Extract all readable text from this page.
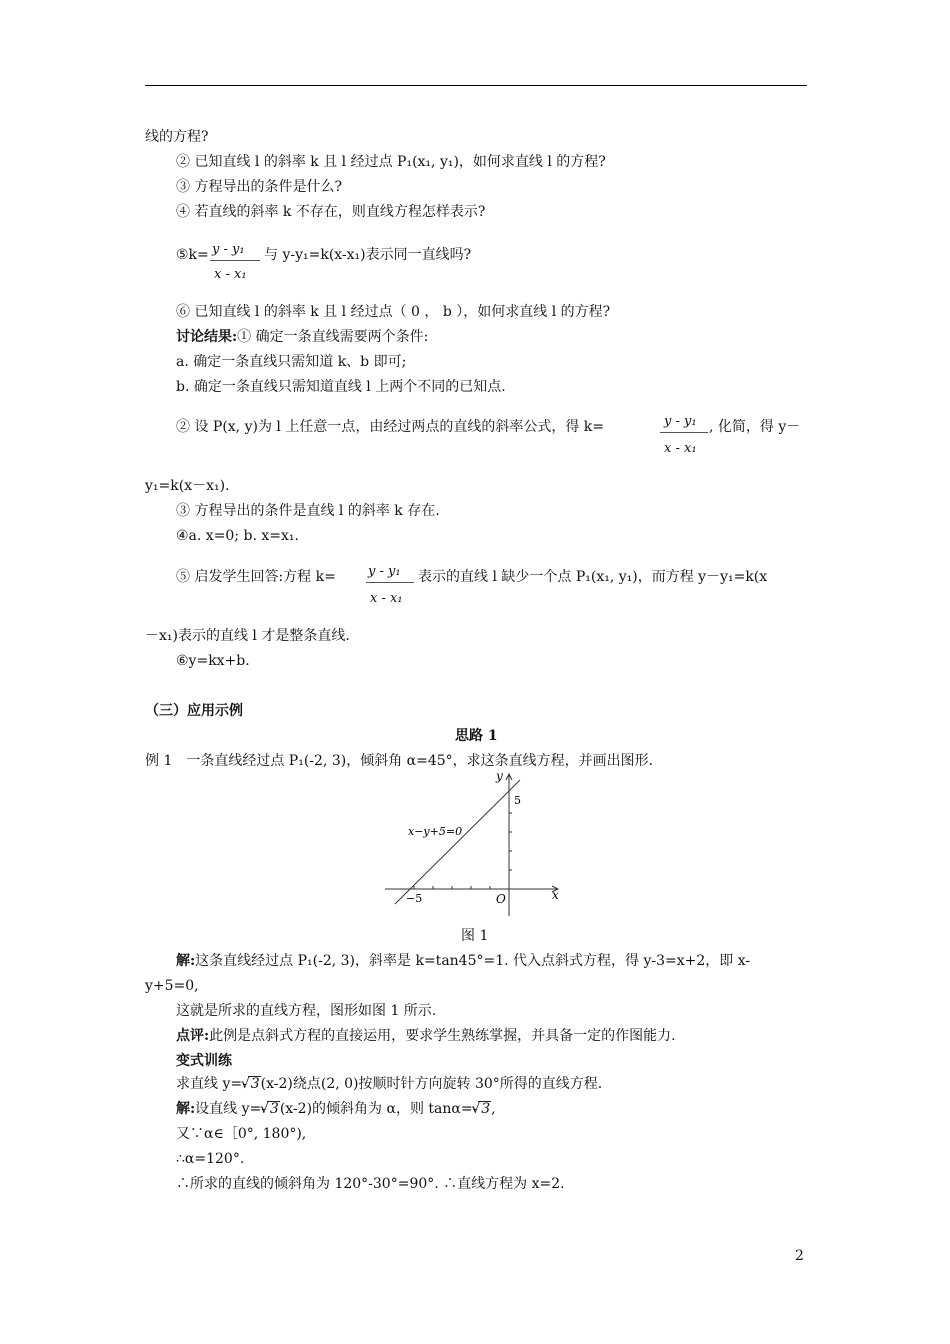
线的方程?
② 已知直线 l 的斜率 k 且 l 经过点 P₁(x₁, y₁)，如何求直线 l 的方程?
③ 方程导出的条件是什么?
④ 若直线的斜率 k 不存在，则直线方程怎样表示?
⑤k= y - y₁
x - x₁
与 y-y₁=k(x-x₁)表示同一直线吗?
⑥ 已知直线 l 的斜率 k 且 l 经过点（ 0 ， b ），如何求直线 l 的方程?
讨论结果:① 确定一条直线需要两个条件:
a. 确定一条直线只需知道 k、b 即可;
b. 确定一条直线只需知道直线 l 上两个不同的已知点.
② 设 P(x, y)为 l 上任意一点，由经过两点的直线的斜率公式，得 k=	y - y₁
x - x₁
, 化简，得 y－
y₁=k(x－x₁).
③ 方程导出的条件是直线 l 的斜率 k 存在.
④a. x=0; b. x=x₁.
⑤ 启发学生回答:方程 k= y - y₁
x - x₁
表示的直线 l 缺少一个点 P₁(x₁, y₁)，而方程 y－y₁=k(x
－x₁)表示的直线 l 才是整条直线.
⑥y=kx+b.
（三）应用示例
思路 1
例 1　一条直线经过点 P₁(-2, 3)，倾斜角 α=45°，求这条直线方程，并画出图形.
y
x
5
−5	O
x−y+5=0
图 1
解:这条直线经过点 P₁(-2, 3)，斜率是 k=tan45°=1. 代入点斜式方程，得 y-3=x+2，即 x-
y+5=0,
这就是所求的直线方程，图形如图 1 所示.
点评:此例是点斜式方程的直接运用，要求学生熟练掌握，并具备一定的作图能力.
变式训练
求直线 y=- √ 3(x-2)绕点(2, 0)按顺时针方向旋转 30°所得的直线方程.
解:设直线 y=- √ 3(x-2)的倾斜角为 α，则 tanα=- √ 3,
又∵α∈［0°, 180°),
∴α=120°.
∴所求的直线的倾斜角为 120°-30°=90°. ∴直线方程为 x=2.
2
